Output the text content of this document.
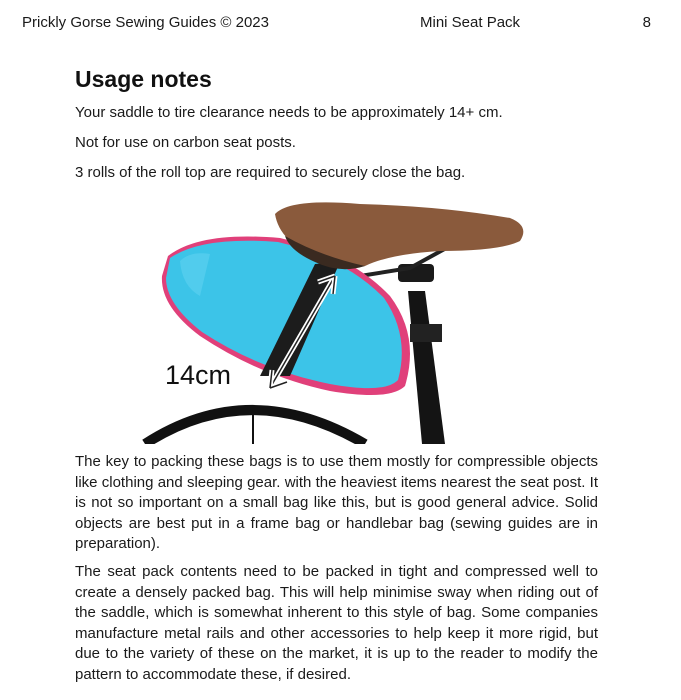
Prickly Gorse Sewing Guides © 2023	Mini Seat Pack	8
Usage notes

Your saddle to tire clearance needs to be approximately 14+ cm.

Not for use on carbon seat posts.

3 rolls of the roll top are required to securely close the bag.

14cm

The key to packing these bags is to use them mostly for compressible objects like clothing and sleeping gear. with the heaviest items nearest the seat post. It is not so important on a small bag like this, but is good general advice. Solid objects are best put in a frame bag or handlebar bag (sewing guides are in preparation).

The seat pack contents need to be packed in tight and compressed well to create a densely packed bag. This will help minimise sway when riding out of the saddle, which is somewhat inherent to this style of bag. Some companies manufacture metal rails and other accessories to help keep it more rigid, but due to the variety of these on the market, it is up to the reader to modify the pattern to accommodate these, if desired.
